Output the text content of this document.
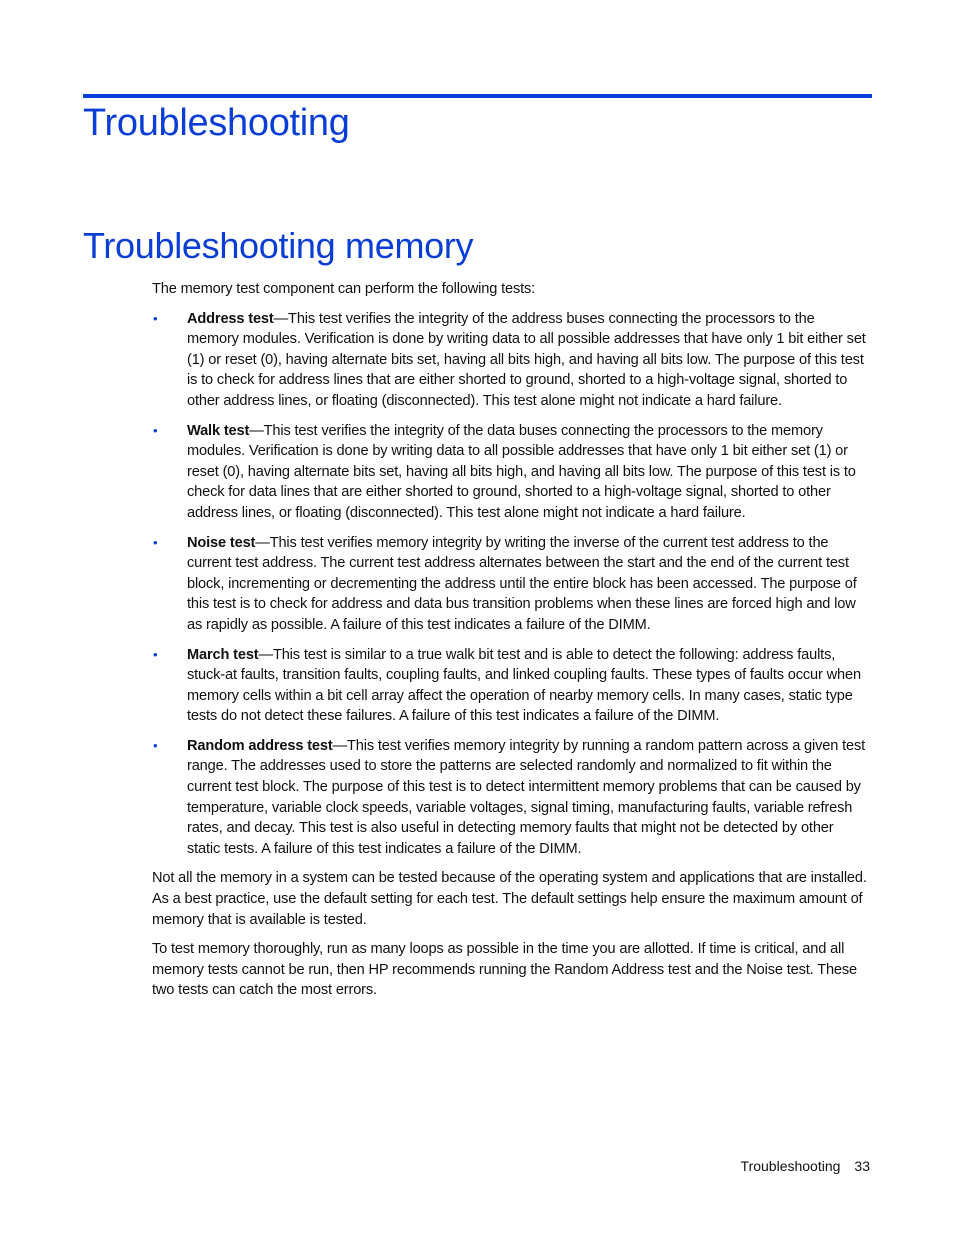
Troubleshooting
Troubleshooting memory

The memory test component can perform the following tests:

• Address test—This test verifies the integrity of the address buses connecting the processors to the memory modules. Verification is done by writing data to all possible addresses that have only 1 bit either set (1) or reset (0), having alternate bits set, having all bits high, and having all bits low. The purpose of this test is to check for address lines that are either shorted to ground, shorted to a high-voltage signal, shorted to other address lines, or floating (disconnected). This test alone might not indicate a hard failure.
• Walk test—This test verifies the integrity of the data buses connecting the processors to the memory modules. Verification is done by writing data to all possible addresses that have only 1 bit either set (1) or reset (0), having alternate bits set, having all bits high, and having all bits low. The purpose of this test is to check for data lines that are either shorted to ground, shorted to a high-voltage signal, shorted to other address lines, or floating (disconnected). This test alone might not indicate a hard failure.
• Noise test—This test verifies memory integrity by writing the inverse of the current test address to the current test address. The current test address alternates between the start and the end of the current test block, incrementing or decrementing the address until the entire block has been accessed. The purpose of this test is to check for address and data bus transition problems when these lines are forced high and low as rapidly as possible. A failure of this test indicates a failure of the DIMM.
• March test—This test is similar to a true walk bit test and is able to detect the following: address faults, stuck-at faults, transition faults, coupling faults, and linked coupling faults. These types of faults occur when memory cells within a bit cell array affect the operation of nearby memory cells. In many cases, static type tests do not detect these failures. A failure of this test indicates a failure of the DIMM.
• Random address test—This test verifies memory integrity by running a random pattern across a given test range. The addresses used to store the patterns are selected randomly and normalized to fit within the current test block. The purpose of this test is to detect intermittent memory problems that can be caused by temperature, variable clock speeds, variable voltages, signal timing, manufacturing faults, variable refresh rates, and decay. This test is also useful in detecting memory faults that might not be detected by other static tests. A failure of this test indicates a failure of the DIMM.

Not all the memory in a system can be tested because of the operating system and applications that are installed. As a best practice, use the default setting for each test. The default settings help ensure the maximum amount of memory that is available is tested.

To test memory thoroughly, run as many loops as possible in the time you are allotted. If time is critical, and all memory tests cannot be run, then HP recommends running the Random Address test and the Noise test. These two tests can catch the most errors.

Troubleshooting 33
